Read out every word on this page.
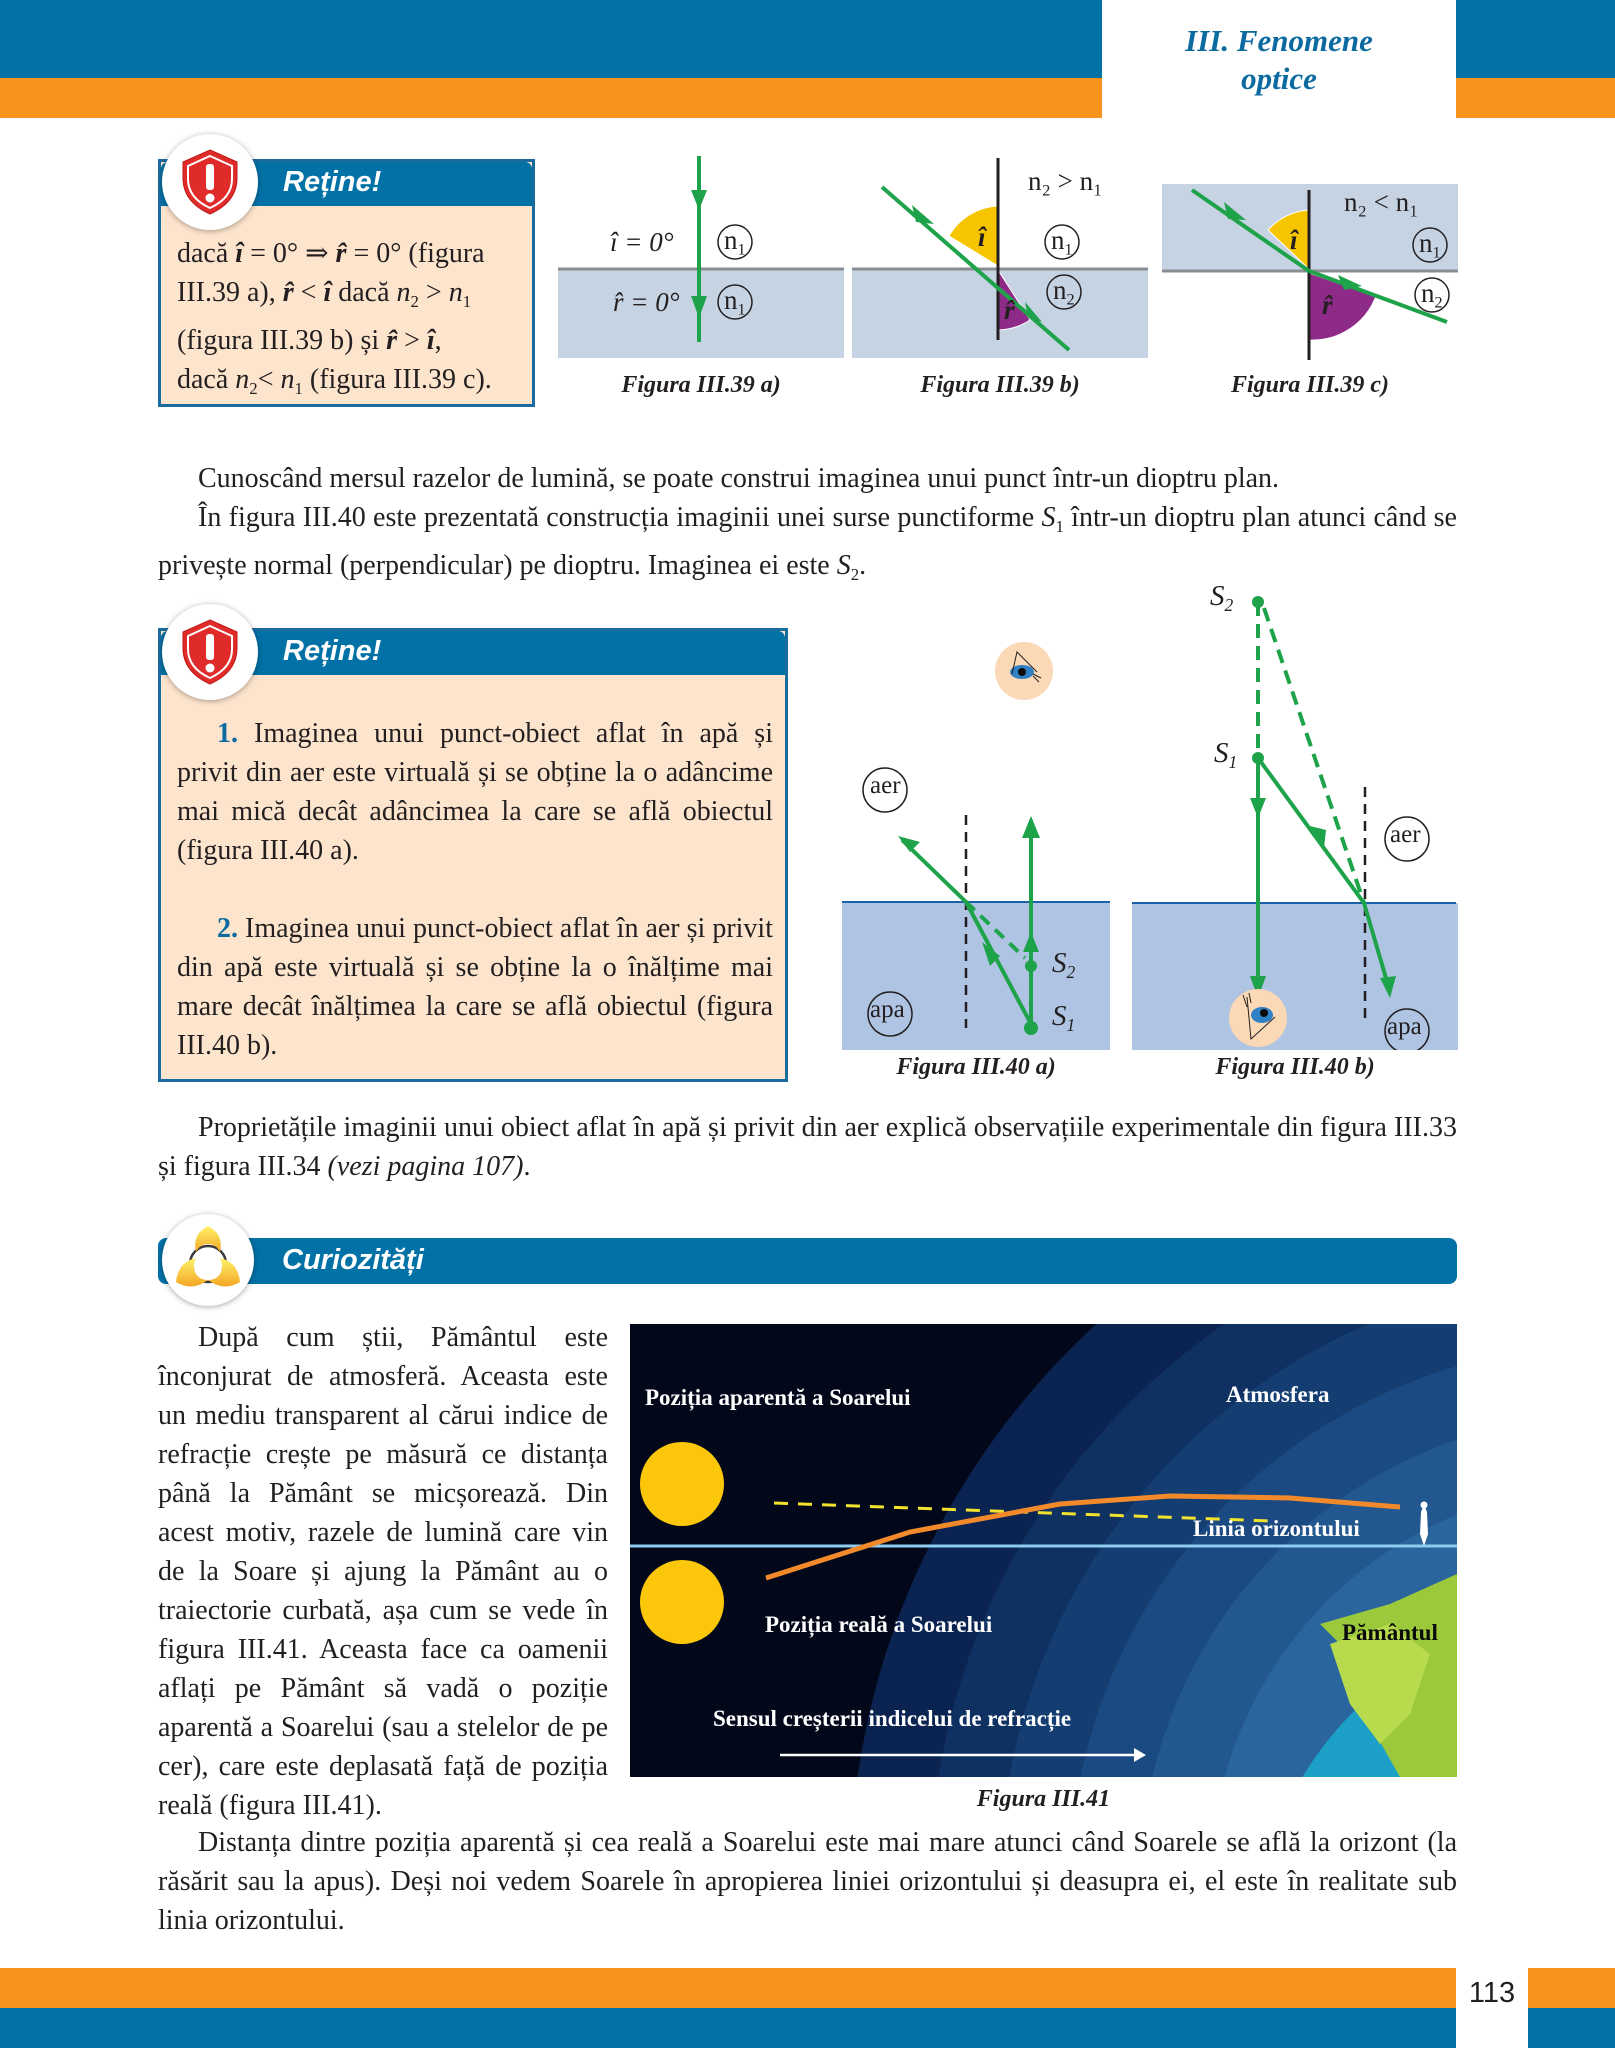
III. Fenomene
optice
Reține!
dacă î = 0° ⇒ r̂ = 0° (figura
III.39 a), r̂ < î dacă $n_2 > n_1$
(figura III.39 b) și r̂ > î,
dacă $n_2< n_1$ (figura III.39 c).
î = 0°
r̂ = 0°
$n_1$
$n_1$
Figura III.39 a)
n₂ > n₁
î
r̂
$n_1$
$n_2$
Figura III.39 b)
n₂ < n₁
î
r̂
$n_1$
$n_2$
Figura III.39 c)
Cunoscând mersul razelor de lumină, se poate construi imaginea unui punct într-un dioptru plan.
În figura III.40 este prezentată construcția imaginii unei surse punctiforme $S_1$ într-un dioptru plan atunci când se privește normal (perpendicular) pe dioptru. Imaginea ei este $S_2$.
Reține!
1. Imaginea unui punct-obiect aflat în apă și privit din aer este virtuală și se obține la o adâncime mai mică decât adâncimea la care se află obiectul (figura III.40 a).
2. Imaginea unui punct-obiect aflat în aer și privit din apă este virtuală și se obține la o înălțime mai mare decât înălțimea la care se află obiectul (figura III.40 b).
aer
apa
$S_2$
$S_1$
Figura III.40 a)
aer
apa
$S_2$
$S_1$
Figura III.40 b)
Proprietățile imaginii unui obiect aflat în apă și privit din aer explică observațiile experimentale din figura III.33 și figura III.34 (vezi pagina 107).
Curiozități
După cum știi, Pământul este înconjurat de atmosferă. Aceasta este un mediu transparent al cărui indice de refracție crește pe măsură ce distanța până la Pământ se micșorează. Din acest motiv, razele de lumină care vin de la Soare și ajung la Pământ au o traiectorie curbată, așa cum se vede în figura III.41. Aceasta face ca oamenii aflați pe Pământ să vadă o poziție aparentă a Soarelui (sau a stelelor de pe cer), care este deplasată față de poziția reală (figura III.41).
Poziția aparentă a Soarelui	Atmosfera
Linia orizontului
Poziția reală a Soarelui	Pământul
Sensul creșterii indicelui de refracție
Figura III.41
Distanța dintre poziția aparentă și cea reală a Soarelui este mai mare atunci când Soarele se află la orizont (la răsărit sau la apus). Deși noi vedem Soarele în apropierea liniei orizontului și deasupra ei, el este în realitate sub linia orizontului.
113
